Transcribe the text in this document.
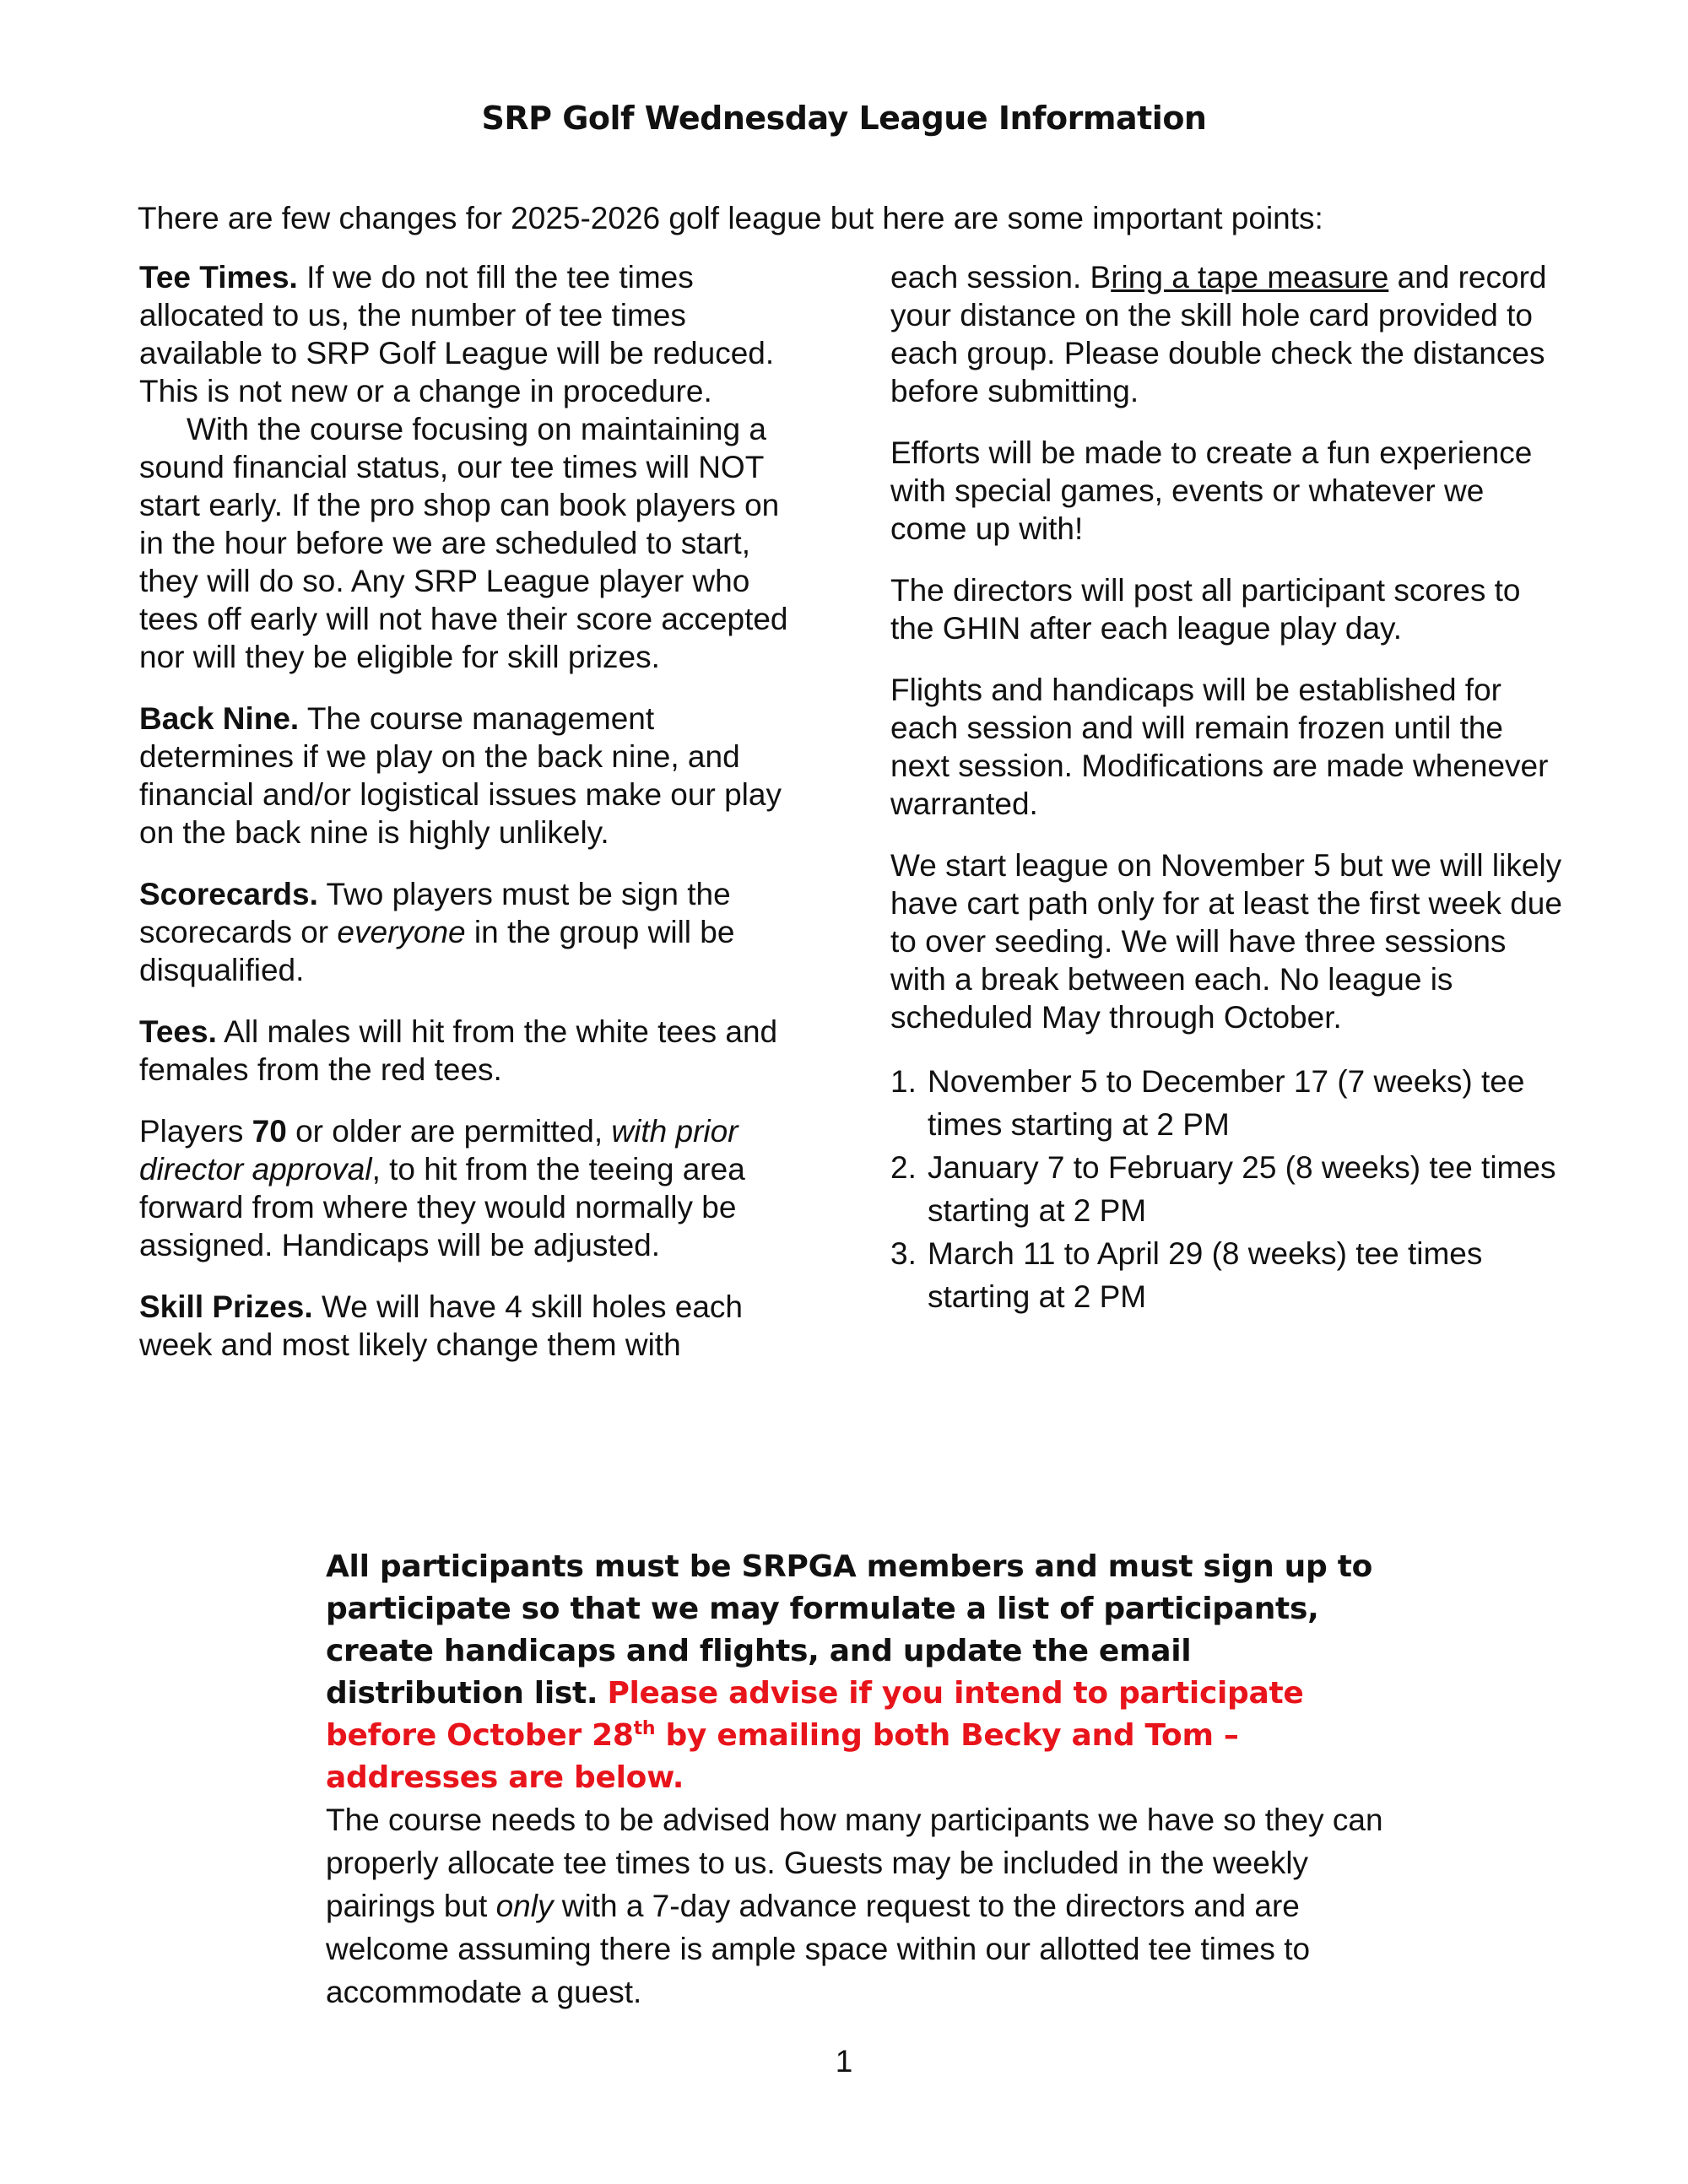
SRP Golf Wednesday League Information
There are few changes for 2025-2026 golf league but here are some important points:

Tee Times. If we do not fill the tee times allocated to us, the number of tee times available to SRP Golf League will be reduced. This is not new or a change in procedure.

With the course focusing on maintaining a sound financial status, our tee times will NOT start early. If the pro shop can book players on in the hour before we are scheduled to start, they will do so. Any SRP League player who tees off early will not have their score accepted nor will they be eligible for skill prizes.

Back Nine. The course management determines if we play on the back nine, and financial and/or logistical issues make our play on the back nine is highly unlikely.

Scorecards. Two players must be sign the scorecards or everyone in the group will be disqualified.

Tees. All males will hit from the white tees and females from the red tees.

Players 70 or older are permitted, with prior director approval, to hit from the teeing area forward from where they would normally be assigned. Handicaps will be adjusted.

Skill Prizes. We will have 4 skill holes each week and most likely change them with

each session. Bring a tape measure and record your distance on the skill hole card provided to each group. Please double check the distances before submitting.

Efforts will be made to create a fun experience with special games, events or whatever we come up with!

The directors will post all participant scores to the GHIN after each league play day.

Flights and handicaps will be established for each session and will remain frozen until the next session. Modifications are made whenever warranted.

We start league on November 5 but we will likely have cart path only for at least the first week due to over seeding. We will have three sessions with a break between each. No league is scheduled May through October.

1. November 5 to December 17 (7 weeks) tee times starting at 2 PM
2. January 7 to February 25 (8 weeks) tee times starting at 2 PM
3. March 11 to April 29 (8 weeks) tee times starting at 2 PM
All participants must be SRPGA members and must sign up to participate so that we may formulate a list of participants, create handicaps and flights, and update the email distribution list. Please advise if you intend to participate before October 28th by emailing both Becky and Tom – addresses are below.
The course needs to be advised how many participants we have so they can properly allocate tee times to us. Guests may be included in the weekly pairings but only with a 7-day advance request to the directors and are welcome assuming there is ample space within our allotted tee times to accommodate a guest.
1
